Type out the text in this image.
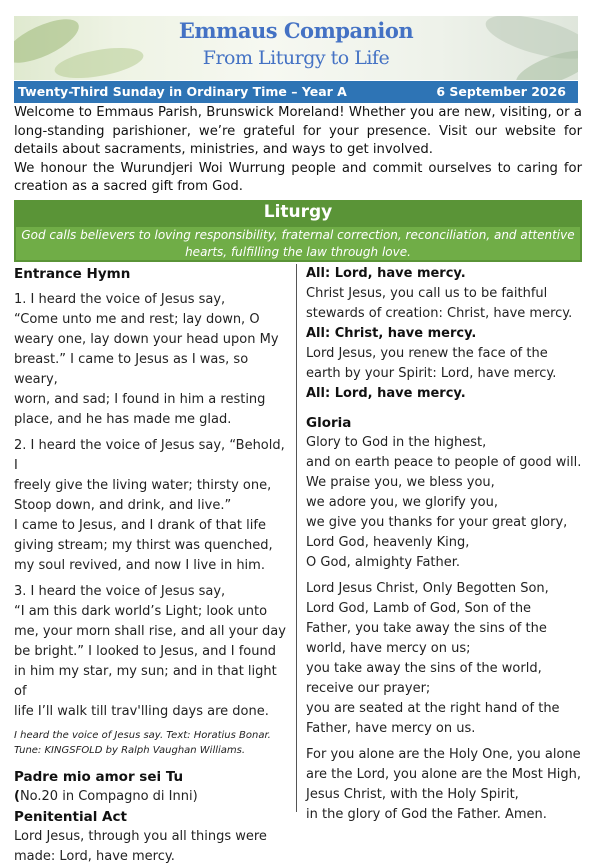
Emmaus Companion
From Liturgy to Life
Twenty-Third Sunday in Ordinary Time – Year A	6 September 2026

Welcome to Emmaus Parish, Brunswick Moreland! Whether you are new, visiting, or a long-standing parishioner, we’re grateful for your presence. Visit our website for details about sacraments, ministries, and ways to get involved.

We honour the Wurundjeri Woi Wurrung people and commit ourselves to caring for creation as a sacred gift from God.

Liturgy
God calls believers to loving responsibility, fraternal correction, reconciliation, and attentive hearts, fulfilling the law through love.

Entrance Hymn

1. I heard the voice of Jesus say,

“Come unto me and rest; lay down, O

weary one, lay down your head upon My

breast.” I came to Jesus as I was, so weary,

worn, and sad; I found in him a resting

place, and he has made me glad.

2. I heard the voice of Jesus say, “Behold, I

freely give the living water; thirsty one,

Stoop down, and drink, and live.”

I came to Jesus, and I drank of that life

giving stream; my thirst was quenched,

my soul revived, and now I live in him.

3. I heard the voice of Jesus say,

“I am this dark world’s Light; look unto

me, your morn shall rise, and all your day

be bright.” I looked to Jesus, and I found

in him my star, my sun; and in that light of

life I’ll walk till trav'lling days are done.

I heard the voice of Jesus say. Text: Horatius Bonar.

Tune: KINGSFOLD by Ralph Vaughan Williams.

Padre mio amor sei Tu

(No.20 in Compagno di Inni)

Penitential Act

Lord Jesus, through you all things were

made: Lord, have mercy.

All: Lord, have mercy.

Christ Jesus, you call us to be faithful

stewards of creation: Christ, have mercy.

All: Christ, have mercy.

Lord Jesus, you renew the face of the

earth by your Spirit: Lord, have mercy.

All: Lord, have mercy.

Gloria

Glory to God in the highest,

and on earth peace to people of good will.

We praise you, we bless you,

we adore you, we glorify you,

we give you thanks for your great glory,

Lord God, heavenly King,

O God, almighty Father.

Lord Jesus Christ, Only Begotten Son,

Lord God, Lamb of God, Son of the

Father, you take away the sins of the

world, have mercy on us;

you take away the sins of the world,

receive our prayer;

you are seated at the right hand of the

Father, have mercy on us.

For you alone are the Holy One, you alone

are the Lord, you alone are the Most High,

Jesus Christ, with the Holy Spirit,

in the glory of God the Father. Amen.
